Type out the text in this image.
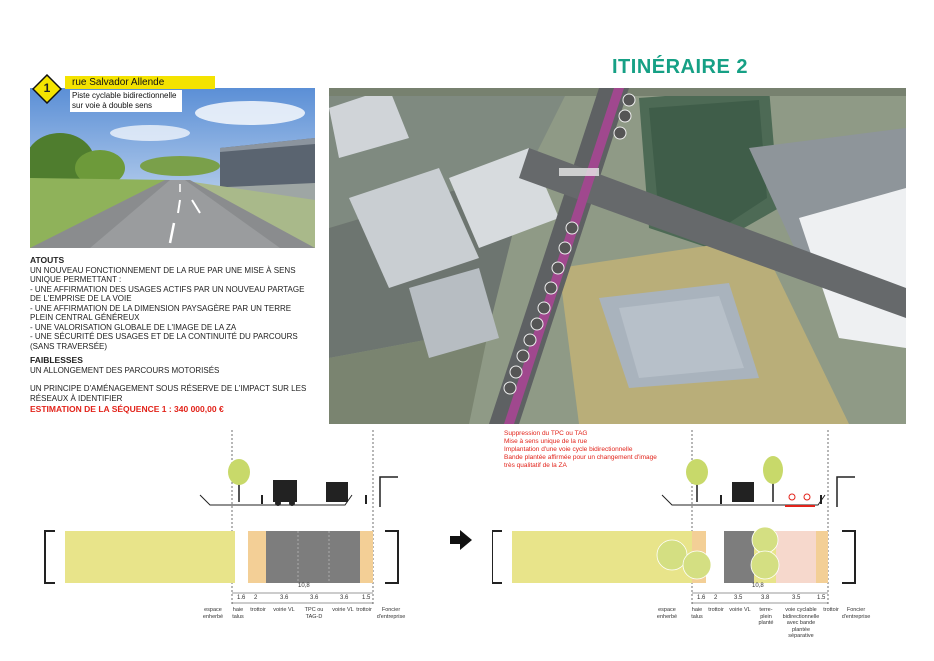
ITINÉRAIRE 2
1	rue Salvador Allende
Piste cyclable bidirectionnelle
sur voie à double sens
ATOUTS
UN NOUVEAU FONCTIONNEMENT DE LA RUE PAR UNE MISE À SENS
UNIQUE PERMETTANT :
- UNE AFFIRMATION DES USAGES ACTIFS PAR UN NOUVEAU PARTAGE
DE L'EMPRISE DE LA VOIE
- UNE AFFIRMATION DE LA DIMENSION PAYSAGÈRE PAR UN TERRE
PLEIN CENTRAL GÉNÉREUX
- UNE VALORISATION GLOBALE DE L'IMAGE DE LA ZA
- UNE SÉCURITÉ DES USAGES ET DE LA CONTINUITÉ DU PARCOURS
(SANS TRAVERSÉE)
FAIBLESSES
UN ALLONGEMENT DES PARCOURS MOTORISÉS
UN PRINCIPE D'AMÉNAGEMENT SOUS RÉSERVE DE L'IMPACT SUR LES
RÉSEAUX À IDENTIFIER
ESTIMATION DE LA SÉQUENCE 1 : 340 000,00 €
Suppression du TPC ou TAG
Mise à sens unique de la rue
Implantation d'une voie cycle bidirectionnelle
Bande plantée affirmée pour un changement d'image
très qualitatif de la ZA
10,8
1.6 2	3.6	3.6	3.6 1.5
espace
enherbé
haie
talus
trottoir	voirie VL	TPC ou
TAG-D
voirie VL trottoir	Foncier
d'entreprise
10,8
1.6 2	3.5	3.8	3.5	1.5
espace
enherbé
haie
talus
trottoir	voirie VL	terre-plein
planté
voie cyclable
bidirectionnelle
avec bande
plantée séparative
trottoir	Foncier
d'entreprise
